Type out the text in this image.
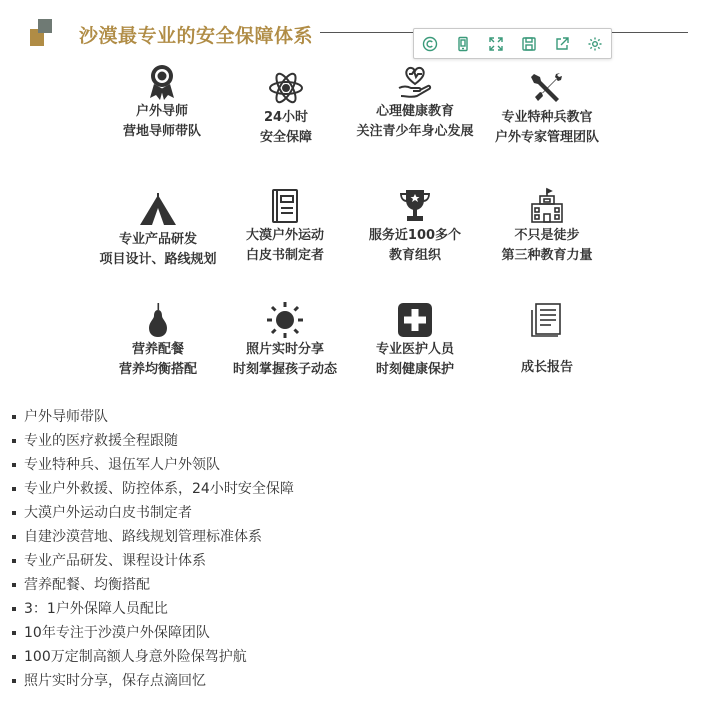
沙漠最专业的安全保障体系
户外导师
营地导师带队
24小时
安全保障
心理健康教育
关注青少年身心发展
专业特种兵教官
户外专家管理团队
专业产品研发
项目设计、路线规划
大漠户外运动
白皮书制定者
服务近100多个
教育组织
不只是徒步
第三种教育力量
营养配餐
营养均衡搭配
照片实时分享
时刻掌握孩子动态
专业医护人员
时刻健康保护	成长报告
户外导师带队
专业的医疗救援全程跟随
专业特种兵、退伍军人户外领队
专业户外救援、防控体系，24小时安全保障
大漠户外运动白皮书制定者
自建沙漠营地、路线规划管理标准体系
专业产品研发、课程设计体系
营养配餐、均衡搭配
3：1户外保障人员配比
10年专注于沙漠户外保障团队
100万定制高额人身意外险保驾护航
照片实时分享，保存点滴回忆
